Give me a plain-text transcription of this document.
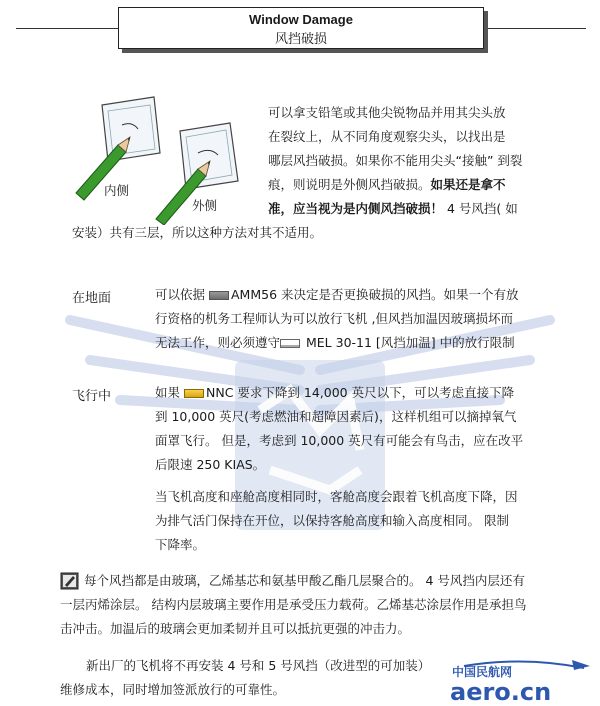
Window Damage
风挡破损
内侧
外侧
可以拿支铅笔或其他尖锐物品并用其尖头放
在裂纹上，从不同角度观察尖头，以找出是
哪层风挡破损。如果你不能用尖头“接触” 到裂
痕，则说明是外侧风挡破损。如果还是拿不
准，应当视为是内侧风挡破损！ 4 号风挡( 如
安装）共有三层，所以这种方法对其不适用。
在地面	可以依据 AMM56 来决定是否更换破损的风挡。如果一个有放
行资格的机务工程师认为可以放行飞机 ,但风挡加温因玻璃损坏而
无法工作，则必须遵守 MEL 30-11 [风挡加温] 中的放行限制
飞行中	如果 NNC 要求下降到 14,000 英尺以下，可以考虑直接下降
到 10,000 英尺(考虑燃油和超障因素后)，这样机组可以摘掉氧气
面罩飞行。 但是，考虑到 10,000 英尺有可能会有鸟击，应在改平
后限速 250 KIAS。
当飞机高度和座舱高度相同时，客舱高度会跟着飞机高度下降，因
为排气活门保持在开位，以保持客舱高度和输入高度相同。 限制
下降率。
每个风挡都是由玻璃，乙烯基芯和氨基甲酸乙酯几层聚合的。 4 号风挡内层还有
一层丙烯涂层。 结构内层玻璃主要作用是承受压力载荷。乙烯基芯涂层作用是承担鸟
击冲击。加温后的玻璃会更加柔韧并且可以抵抗更强的冲击力。
新出厂的飞机将不再安装 4 号和 5 号风挡（改进型的可加装）
维修成本，同时增加签派放行的可靠性。
中国民航网
aero.cn
